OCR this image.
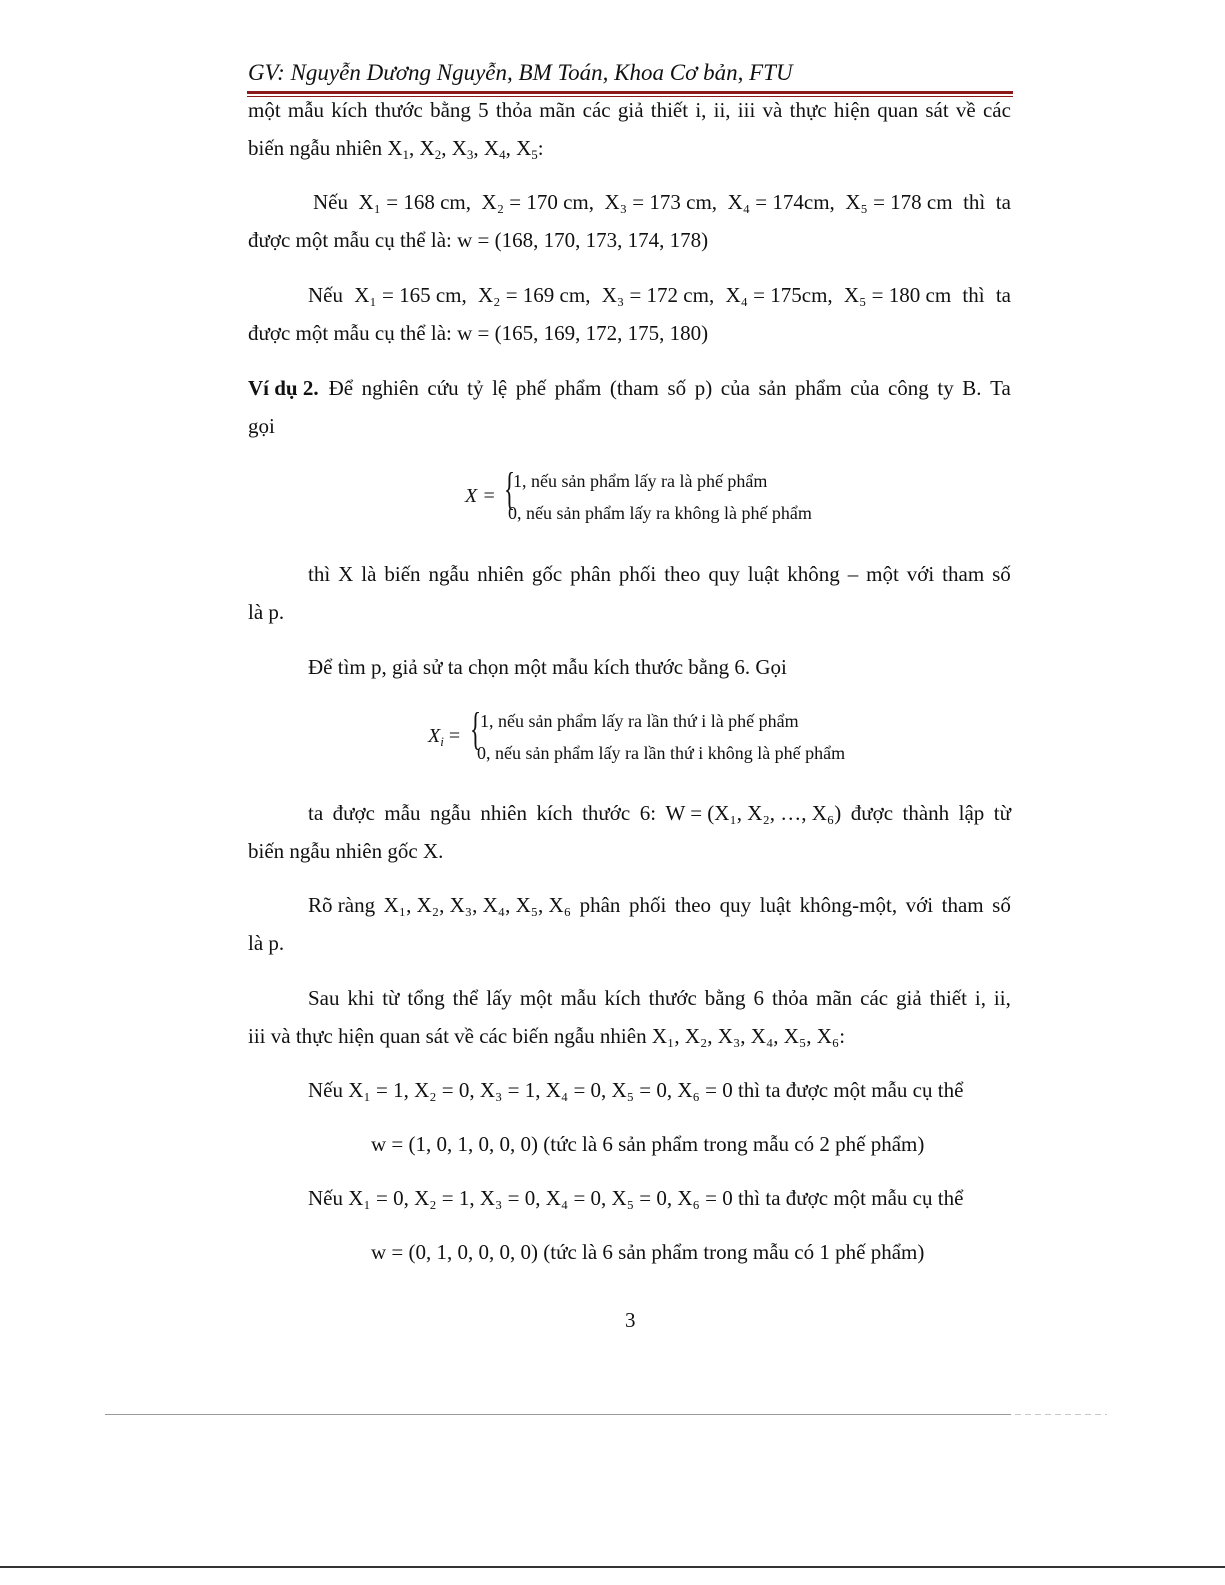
GV: Nguyễn Dương Nguyễn, BM Toán, Khoa Cơ bản, FTU
một mẫu kích thước bằng 5 thỏa mãn các giả thiết i, ii, iii và thực hiện quan sát về các
biến ngẫu nhiên $X_1$, $X_2$, $X_3$, $X_4$, $X_5$:
Nếu X₁ = 168 cm, X₂ = 170 cm, X₃ = 173 cm, X₄ = 174cm, X₅ = 178 cm thì ta
được một mẫu cụ thể là: w = (168, 170, 173, 174, 178)
Nếu X₁ = 165 cm, X₂ = 169 cm, X₃ = 172 cm, X₄ = 175cm, X₅ = 180 cm thì ta
được một mẫu cụ thể là: w = (165, 169, 172, 175, 180)
Ví dụ 2. Để nghiên cứu tỷ lệ phế phẩm (tham số p) của sản phẩm của công ty B. Ta
gọi
X = {
1, nếu sản phẩm lấy ra là phế phẩm
0, nếu sản phẩm lấy ra không là phế phẩm
thì X là biến ngẫu nhiên gốc phân phối theo quy luật không – một với tham số
là p.
Để tìm p, giả sử ta chọn một mẫu kích thước bằng 6. Gọi
$X_i$ = {
1, nếu sản phẩm lấy ra lần thứ i là phế phẩm
0, nếu sản phẩm lấy ra lần thứ i không là phế phẩm
ta được mẫu ngẫu nhiên kích thước 6: W = (X₁, X₂, …, X₆) được thành lập từ
biến ngẫu nhiên gốc X.
Rõ ràng X₁, X₂, X₃, X₄, X₅, X₆ phân phối theo quy luật không-một, với tham số
là p.
Sau khi từ tổng thể lấy một mẫu kích thước bằng 6 thỏa mãn các giả thiết i, ii,
iii và thực hiện quan sát về các biến ngẫu nhiên X₁, X₂, X₃, X₄, X₅, X₆:
Nếu X₁ = 1, X₂ = 0, X₃ = 1, X₄ = 0, X₅ = 0, X₆ = 0 thì ta được một mẫu cụ thể
w = (1, 0, 1, 0, 0, 0) (tức là 6 sản phẩm trong mẫu có 2 phế phẩm)
Nếu X₁ = 0, X₂ = 1, X₃ = 0, X₄ = 0, X₅ = 0, X₆ = 0 thì ta được một mẫu cụ thể
w = (0, 1, 0, 0, 0, 0) (tức là 6 sản phẩm trong mẫu có 1 phế phẩm)
3
